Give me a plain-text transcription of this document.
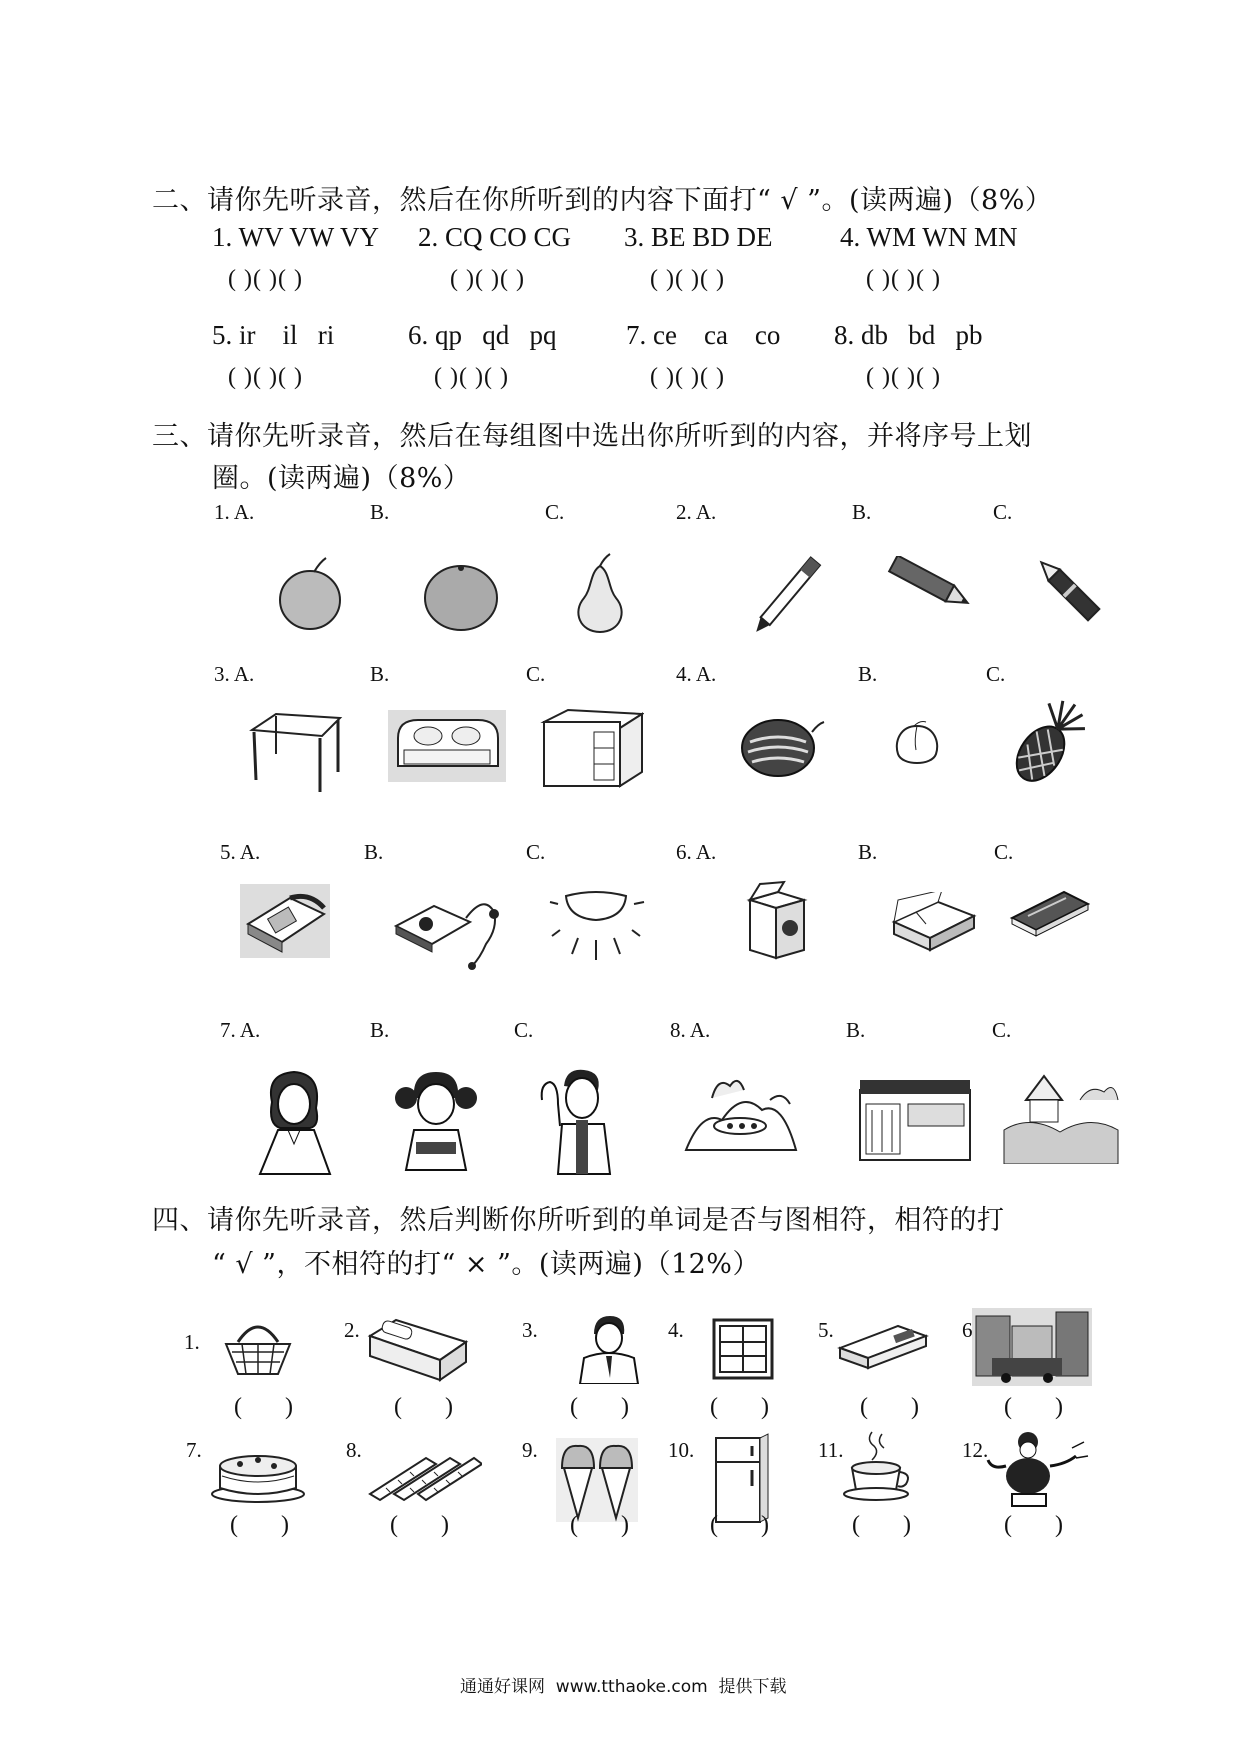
二、请你先听录音，然后在你所听到的内容下面打“ √ ”。(读两遍)（8%）
1. WV VW VY 2. CQ CO CG 3. BE BD DE	4. WM WN MN
( )( )( )	( )( )( )	( )( )( )	( )( )( )
5. ir    il   ri	6. qp   qd   pq	7. ce    ca    co 8. db   bd   pb
( )( )( )	( )( )( )	( )( )( )	( )( )( )
三、请你先听录音，然后在每组图中选出你所听到的内容，并将序号上划
圈。(读两遍)（8%）
1. A.	B.	C.	2. A.	B.	C.
3. A.	B.	C.	4. A.	B.	C.
5. A.	B.	C.	6. A.	B.	C.
7. A.	B.	C.	8. A.	B.	C.
四、请你先听录音，然后判断你所听到的单词是否与图相符，相符的打
“ √ ”，不相符的打“ × ”。(读两遍)（12%）
1.	2.	3.	4.	5.	6
(      )	(      )	(      )	(      )	(      )	(      )
7.	8.	9.	10.	11.	12.
(      )	(      )	(      )	(      )	(      )	(      )
通通好课网  www.tthaoke.com  提供下载
